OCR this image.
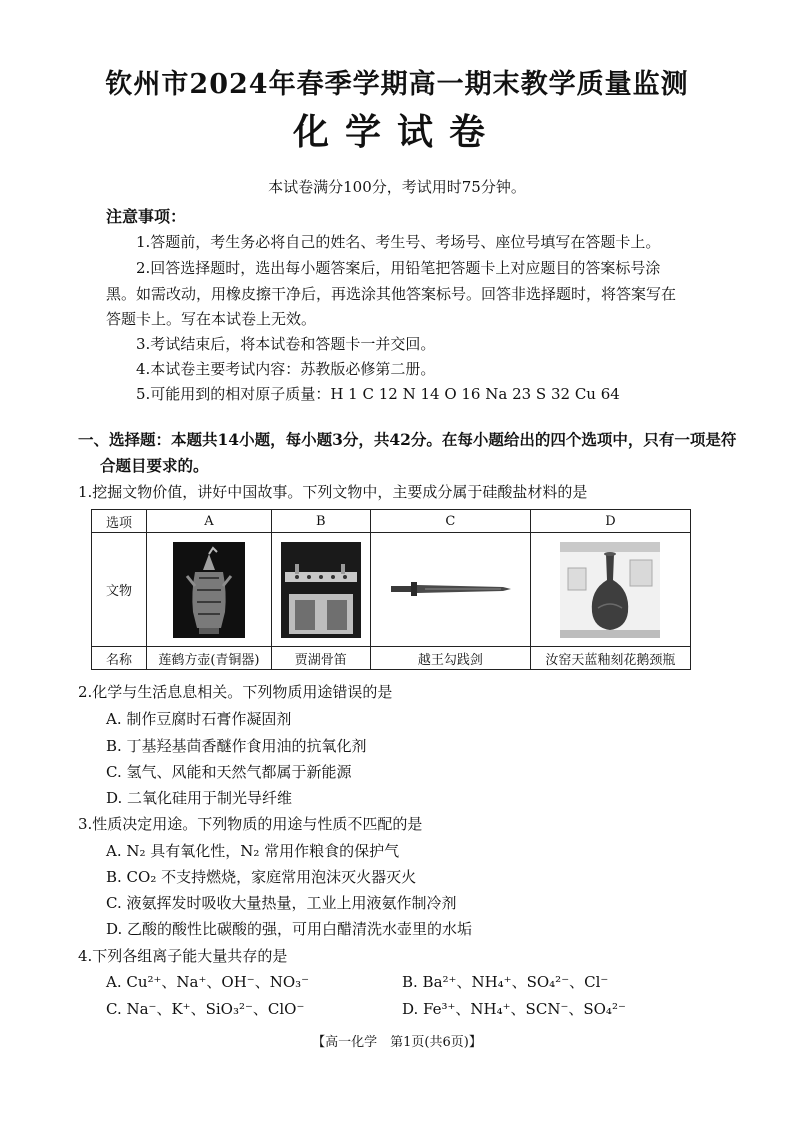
钦州市2024年春季学期高一期末教学质量监测
化学试卷
本试卷满分100分，考试用时75分钟。
注意事项：
1.答题前，考生务必将自己的姓名、考生号、考场号、座位号填写在答题卡上。
2.回答选择题时，选出每小题答案后，用铅笔把答题卡上对应题目的答案标号涂
黑。如需改动，用橡皮擦干净后，再选涂其他答案标号。回答非选择题时，将答案写在
答题卡上。写在本试卷上无效。
3.考试结束后，将本试卷和答题卡一并交回。
4.本试卷主要考试内容：苏教版必修第二册。
5.可能用到的相对原子质量：H 1 C 12 N 14 O 16 Na 23 S 32 Cu 64
一、选择题：本题共14小题，每小题3分，共42分。在每小题给出的四个选项中，只有一项是符
合题目要求的。
1.挖掘文物价值，讲好中国故事。下列文物中，主要成分属于硅酸盐材料的是
选项	A	B	C	D
文物	

名称	莲鹤方壶(青铜器)	贾湖骨笛	越王勾践剑	汝窑天蓝釉刻花鹅颈瓶
2.化学与生活息息相关。下列物质用途错误的是
A. 制作豆腐时石膏作凝固剂
B. 丁基羟基茴香醚作食用油的抗氧化剂
C. 氢气、风能和天然气都属于新能源
D. 二氧化硅用于制光导纤维
3.性质决定用途。下列物质的用途与性质不匹配的是
A. N₂ 具有氧化性，N₂ 常用作粮食的保护气
B. CO₂ 不支持燃烧，家庭常用泡沫灭火器灭火
C. 液氨挥发时吸收大量热量，工业上用液氨作制冷剂
D. 乙酸的酸性比碳酸的强，可用白醋清洗水壶里的水垢
4.下列各组离子能大量共存的是
A. Cu²⁺、Na⁺、OH⁻、NO₃⁻	B. Ba²⁺、NH₄⁺、SO₄²⁻、Cl⁻
C. Na⁻、K⁺、SiO₃²⁻、ClO⁻	D. Fe³⁺、NH₄⁺、SCN⁻、SO₄²⁻
【高一化学　第1页(共6页)】
